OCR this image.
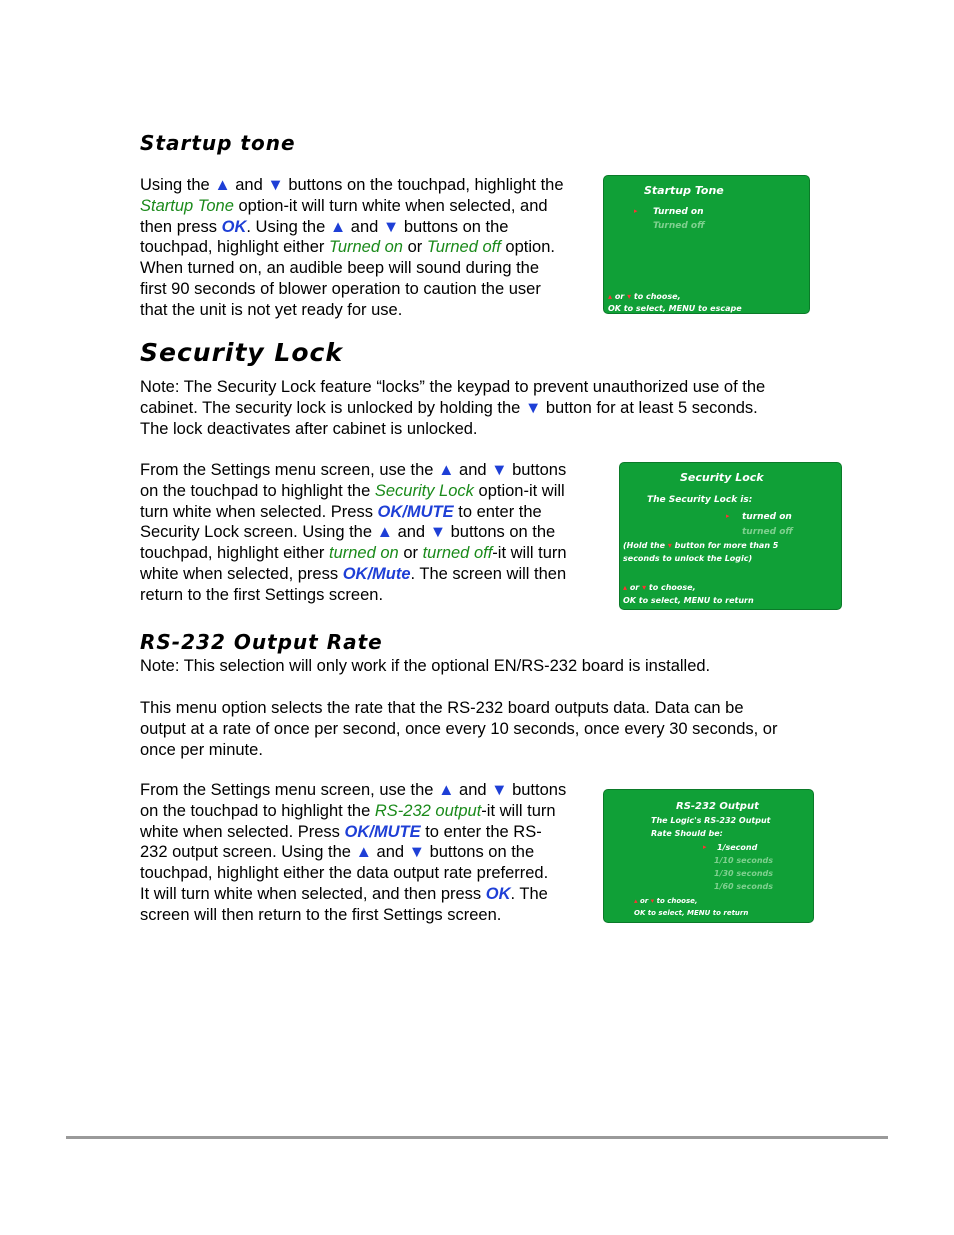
Startup tone

Using the ▲ and ▼ buttons on the touchpad, highlight the

Startup Tone option-it will turn white when selected, and

then press OK. Using the ▲ and ▼ buttons on the

touchpad, highlight either Turned on or Turned off option.

When turned on, an audible beep will sound during the

first 90 seconds of blower operation to caution the user

that the unit is not yet ready for use.

Startup Tone
▸ Turned on
Turned off
▴ or ▾ to choose,
OK to select, MENU to escape
Security Lock

Note: The Security Lock feature “locks” the keypad to prevent unauthorized use of the

cabinet. The security lock is unlocked by holding the ▼ button for at least 5 seconds.

The lock deactivates after cabinet is unlocked.

From the Settings menu screen, use the ▲ and ▼ buttons

on the touchpad to highlight the Security Lock option-it will

turn white when selected. Press OK/MUTE to enter the

Security Lock screen. Using the ▲ and ▼ buttons on the

touchpad, highlight either turned on or turned off-it will turn

white when selected, press OK/Mute. The screen will then

return to the first Settings screen.

Security Lock
The Security Lock is:
▸ turned on
turned off
(Hold the ▾ button for more than 5
seconds to unlock the Logic)
▴ or ▾ to choose,
OK to select, MENU to return
RS-232 Output Rate

Note: This selection will only work if the optional EN/RS-232 board is installed.

This menu option selects the rate that the RS-232 board outputs data. Data can be

output at a rate of once per second, once every 10 seconds, once every 30 seconds, or

once per minute.

From the Settings menu screen, use the ▲ and ▼ buttons

on the touchpad to highlight the RS-232 output-it will turn

white when selected. Press OK/MUTE to enter the RS-

232 output screen. Using the ▲ and ▼ buttons on the

touchpad, highlight either the data output rate preferred.

It will turn white when selected, and then press OK. The

screen will then return to the first Settings screen.

RS-232 Output
The Logic's RS-232 Output
Rate Should be:
▸ 1/second
1/10 seconds
1/30 seconds
1/60 seconds
▴ or ▾ to choose,
OK to select, MENU to return
